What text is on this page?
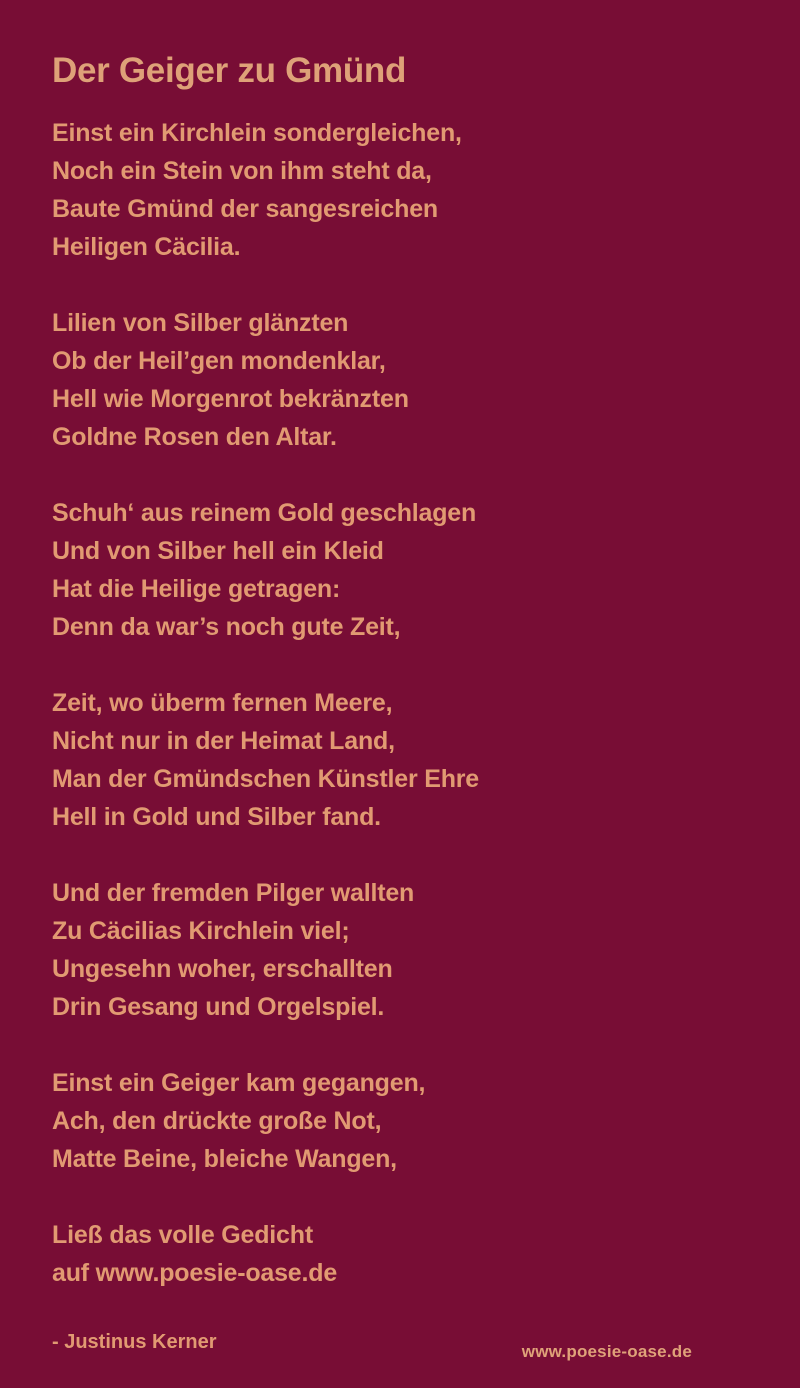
Der Geiger zu Gmünd
Einst ein Kirchlein sondergleichen,
Noch ein Stein von ihm steht da,
Baute Gmünd der sangesreichen
Heiligen Cäcilia.
Lilien von Silber glänzten
Ob der Heil’gen mondenklar,
Hell wie Morgenrot bekränzten
Goldne Rosen den Altar.
Schuh‘ aus reinem Gold geschlagen
Und von Silber hell ein Kleid
Hat die Heilige getragen:
Denn da war’s noch gute Zeit,
Zeit, wo überm fernen Meere,
Nicht nur in der Heimat Land,
Man der Gmündschen Künstler Ehre
Hell in Gold und Silber fand.
Und der fremden Pilger wallten
Zu Cäcilias Kirchlein viel;
Ungesehn woher, erschallten
Drin Gesang und Orgelspiel.
Einst ein Geiger kam gegangen,
Ach, den drückte große Not,
Matte Beine, bleiche Wangen,
Ließ das volle Gedicht
auf www.poesie-oase.de
- Justinus Kerner	www.poesie-oase.de
